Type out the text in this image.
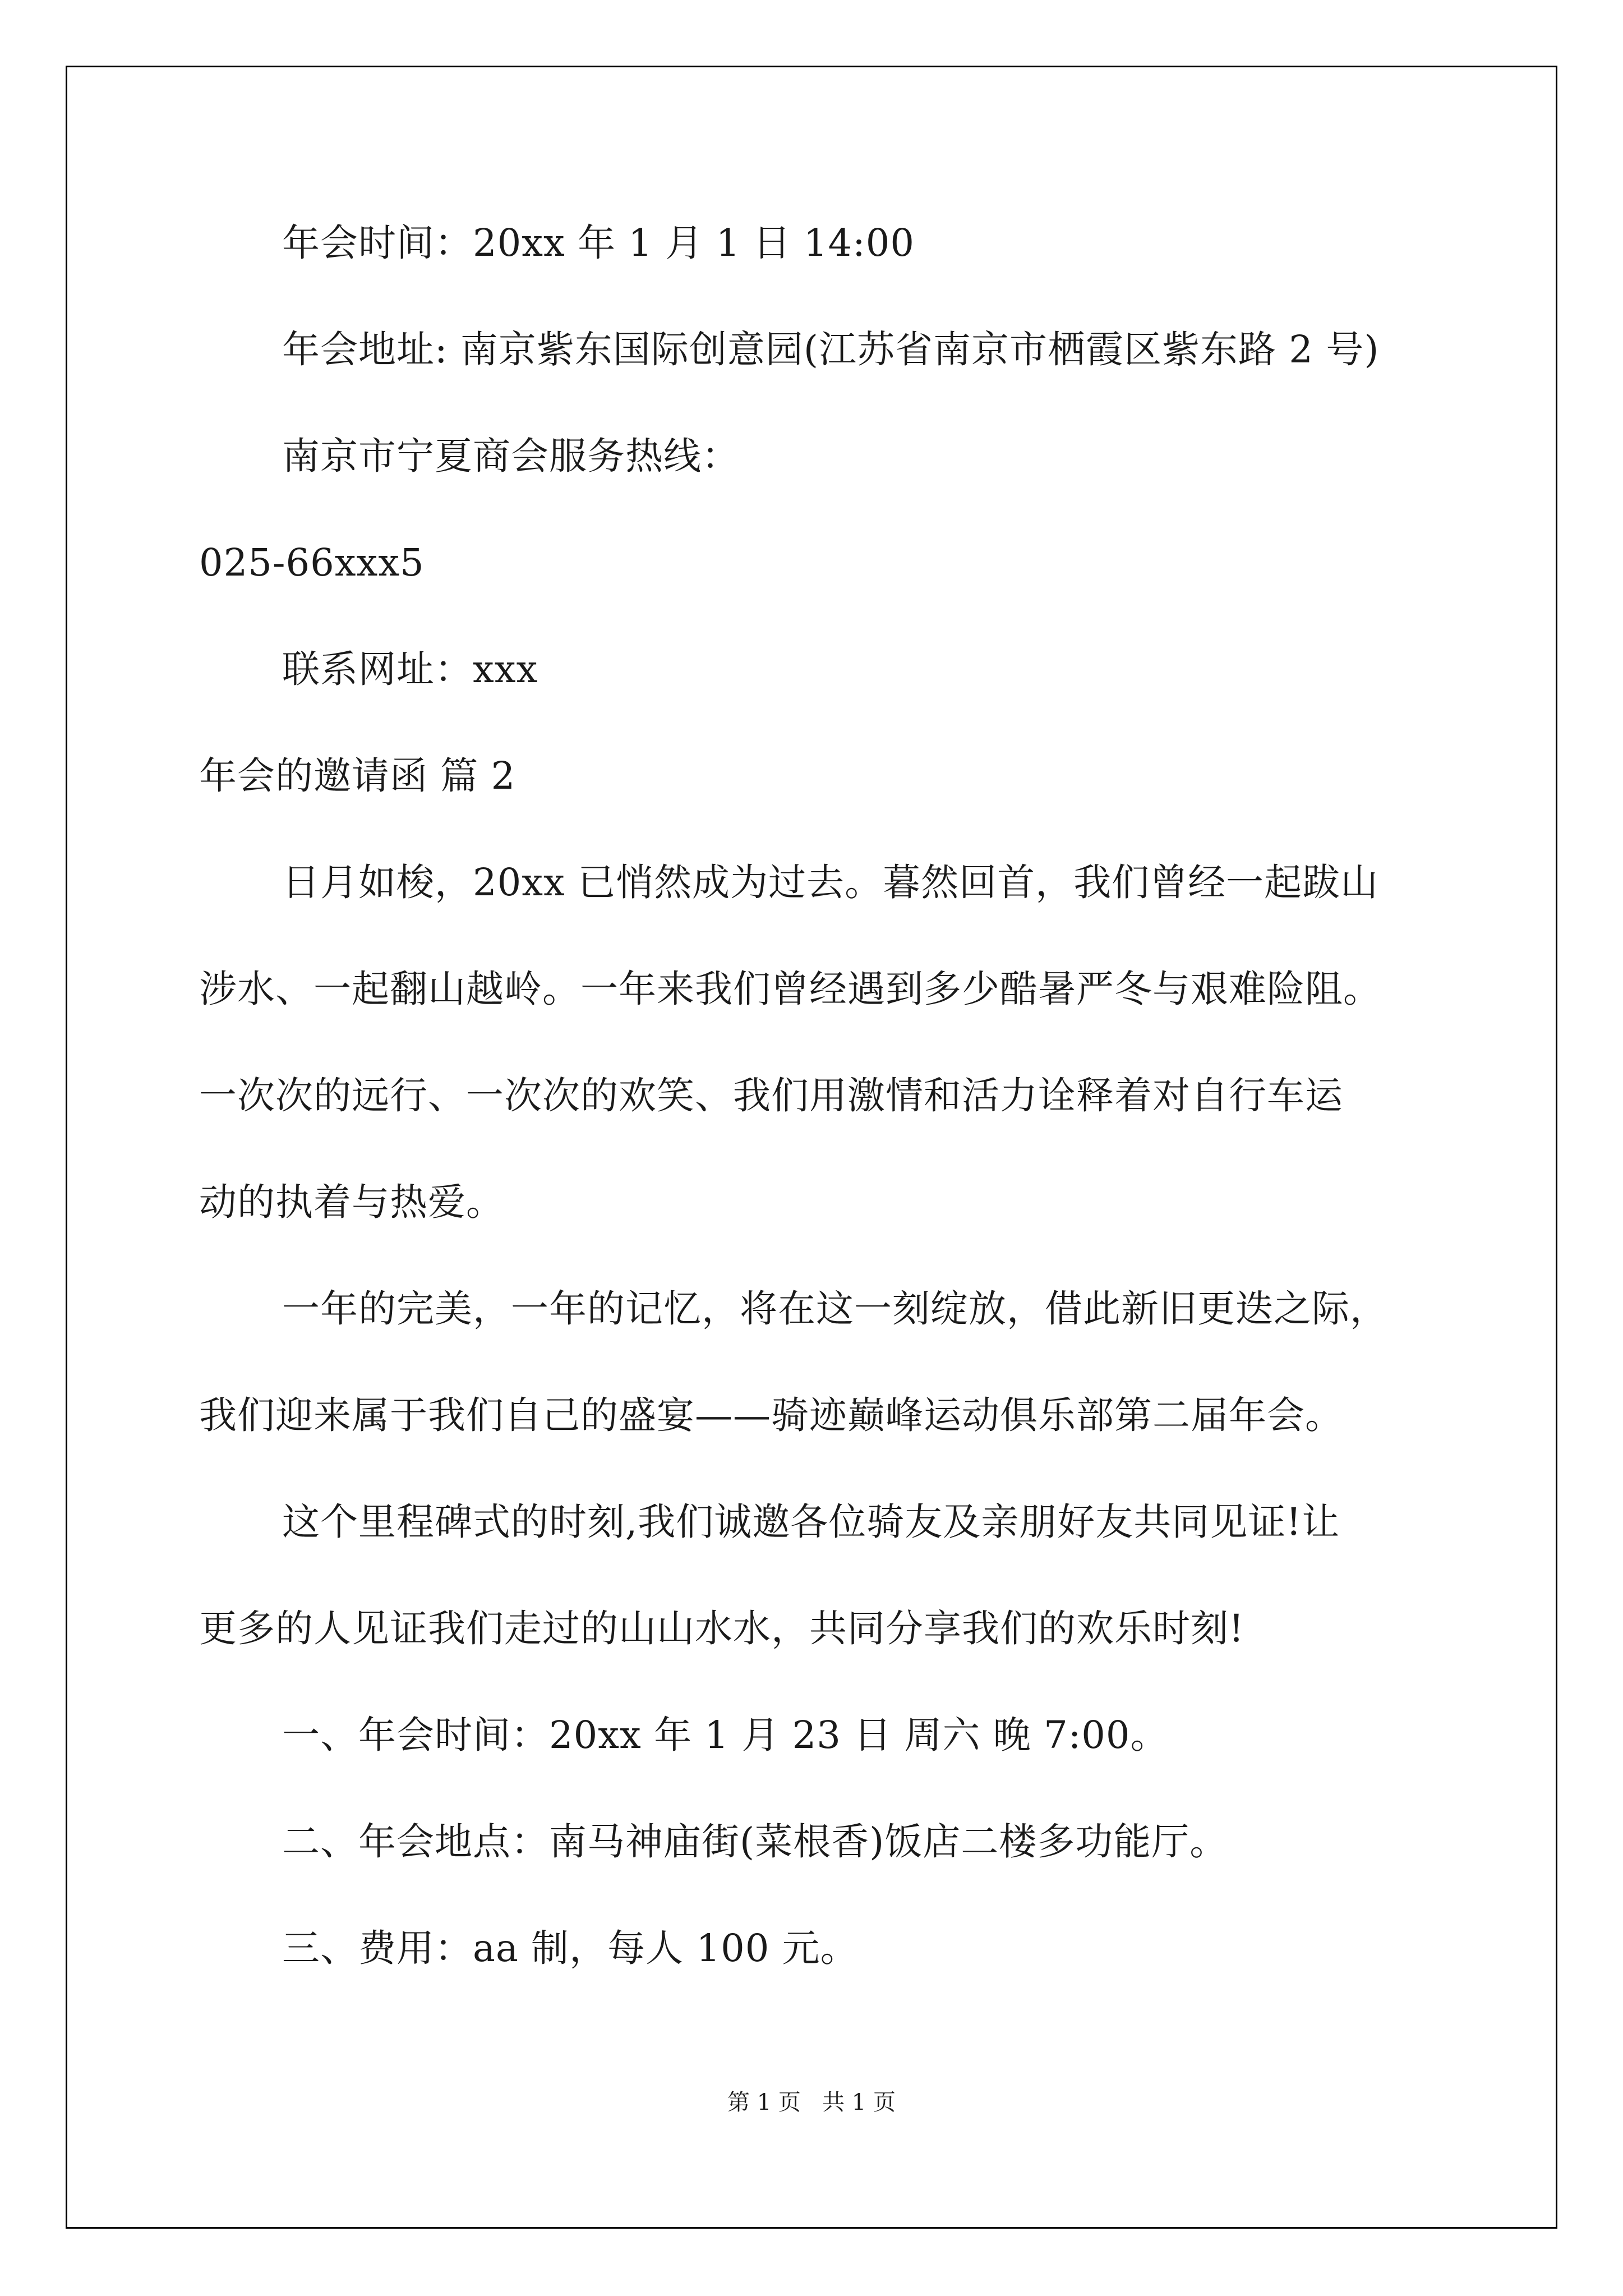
年会时间：20xx 年 1 月 1 日 14:00
年会地址: 南京紫东国际创意园(江苏省南京市栖霞区紫东路 2 号)
南京市宁夏商会服务热线：
025-66xxx5
联系网址：xxx
年会的邀请函 篇 2
日月如梭，20xx 已悄然成为过去。暮然回首，我们曾经一起跋山
涉水、一起翻山越岭。一年来我们曾经遇到多少酷暑严冬与艰难险阻。
一次次的远行、一次次的欢笑、我们用激情和活力诠释着对自行车运
动的执着与热爱。
一年的完美，一年的记忆，将在这一刻绽放，借此新旧更迭之际，
我们迎来属于我们自己的盛宴——骑迹巅峰运动俱乐部第二届年会。
这个里程碑式的时刻,我们诚邀各位骑友及亲朋好友共同见证!让
更多的人见证我们走过的山山水水，共同分享我们的欢乐时刻!
一、年会时间：20xx 年 1 月 23 日 周六 晚 7:00。
二、年会地点：南马神庙街(菜根香)饭店二楼多功能厅。
三、费用：aa 制，每人 100 元。
第 1 页   共 1 页
